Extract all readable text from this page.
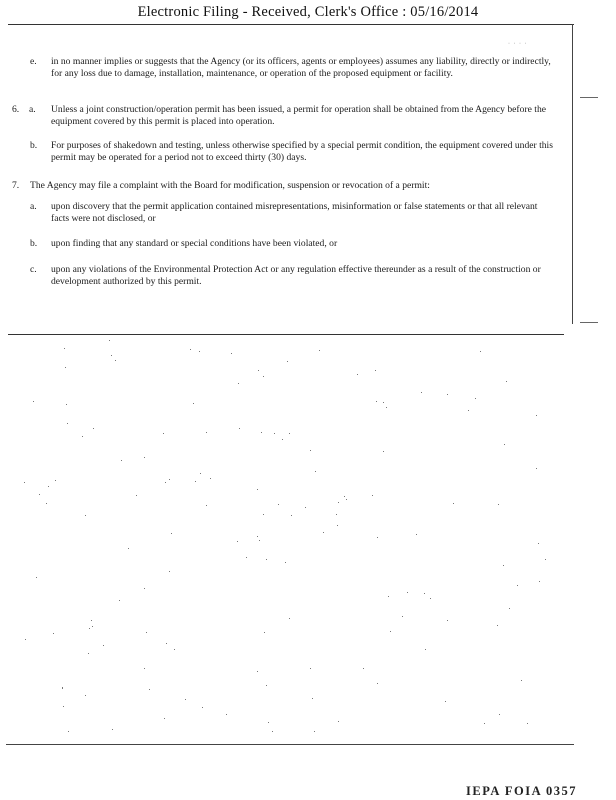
Electronic Filing - Received, Clerk's Office : 05/16/2014
· · · ·
e. in no manner implies or suggests that the Agency (or its officers, agents or employees) assumes any liability, directly or indirectly, for any loss due to damage, installation, maintenance, or operation of the proposed equipment or facility.
6. a. Unless a joint construction/operation permit has been issued, a permit for operation shall be obtained from the Agency before the equipment covered by this permit is placed into operation.
b. For purposes of shakedown and testing, unless otherwise specified by a special permit condition, the equipment covered under this permit may be operated for a period not to exceed thirty (30) days.
7. The Agency may file a complaint with the Board for modification, suspension or revocation of a permit:
a. upon discovery that the permit application contained misrepresentations, misinformation or false statements or that all relevant facts were not disclosed, or
b. upon finding that any standard or special conditions have been violated, or
c. upon any violations of the Environmental Protection Act or any regulation effective thereunder as a result of the construction or development authorized by this permit.
IEPA FOIA 0357
